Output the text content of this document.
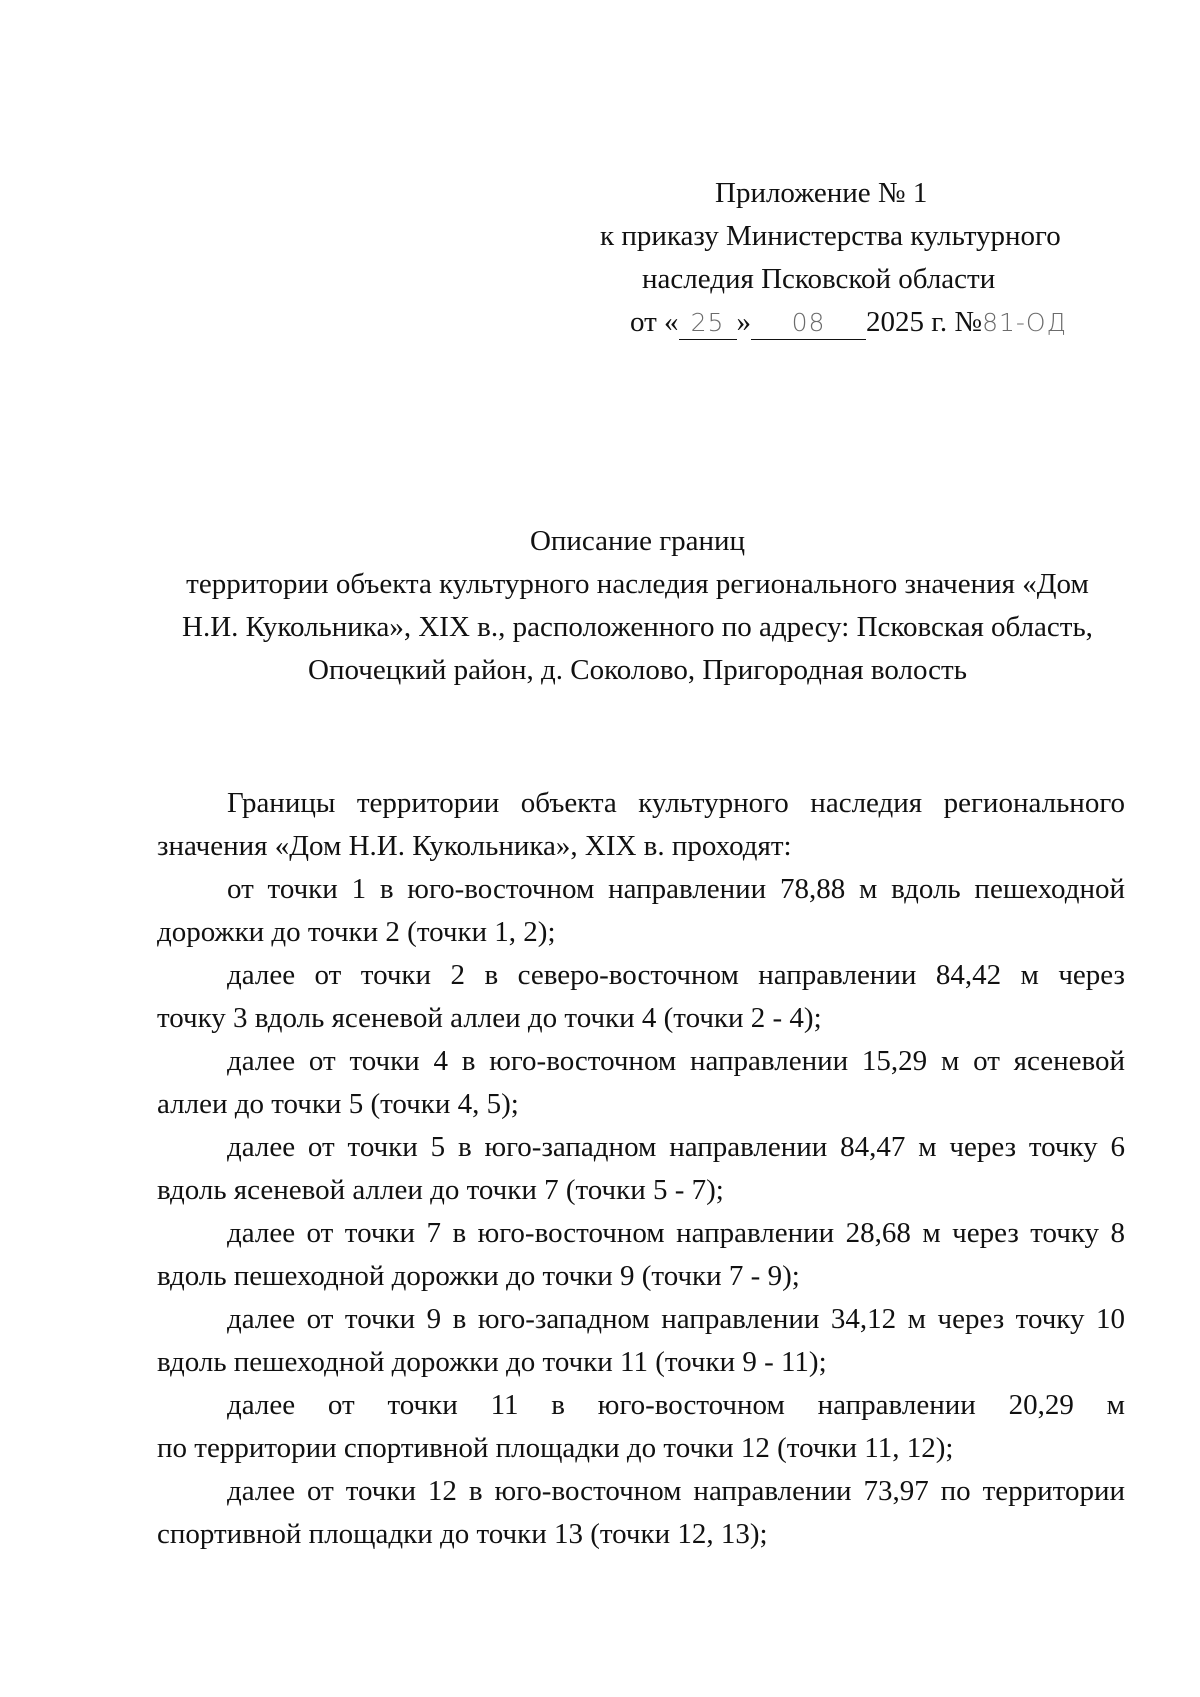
Приложение № 1
к приказу Министерства культурного
наследия Псковской области
от « 25 » 08 2025 г. №81-ОД
Описание границ
территории объекта культурного наследия регионального значения «Дом
Н.И. Кукольника», XIX в., расположенного по адресу: Псковская область,
Опочецкий район, д. Соколово, Пригородная волость

Границы территории объекта культурного наследия регионального
значения «Дом Н.И. Кукольника», XIX в. проходят:

от точки 1 в юго-восточном направлении 78,88 м вдоль пешеходной
дорожки до точки 2 (точки 1, 2);

далее от точки 2 в северо-восточном направлении 84,42 м через
точку 3 вдоль ясеневой аллеи до точки 4 (точки 2 - 4);

далее от точки 4 в юго-восточном направлении 15,29 м от ясеневой
аллеи до точки 5 (точки 4, 5);

далее от точки 5 в юго-западном направлении 84,47 м через точку 6
вдоль ясеневой аллеи до точки 7 (точки 5 - 7);

далее от точки 7 в юго-восточном направлении 28,68 м через точку 8
вдоль пешеходной дорожки до точки 9 (точки 7 - 9);

далее от точки 9 в юго-западном направлении 34,12 м через точку 10
вдоль пешеходной дорожки до точки 11 (точки 9 - 11);

далее от точки 11 в юго-восточном направлении 20,29 м
по территории спортивной площадки до точки 12 (точки 11, 12);

далее от точки 12 в юго-восточном направлении 73,97 по территории
спортивной площадки до точки 13 (точки 12, 13);
